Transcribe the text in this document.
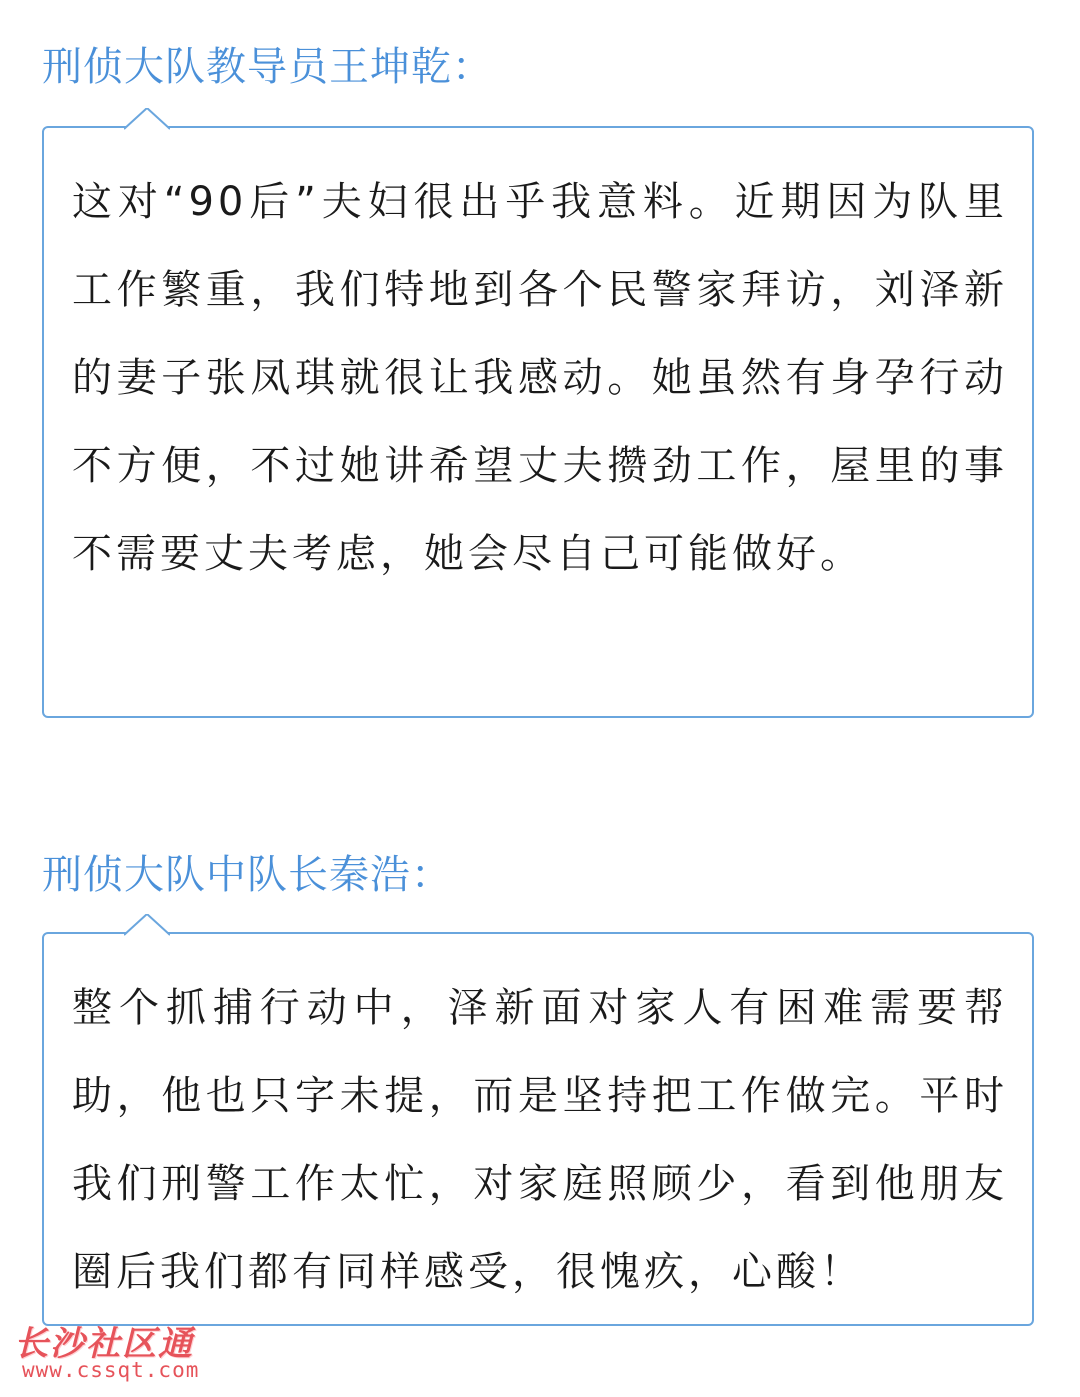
刑侦大队教导员王坤乾：

这对“90后”夫妇很出乎我意料。近期因为队里工作繁重，我们特地到各个民警家拜访，刘泽新的妻子张凤琪就很让我感动。她虽然有身孕行动不方便，不过她讲希望丈夫攒劲工作，屋里的事不需要丈夫考虑，她会尽自己可能做好。

刑侦大队中队长秦浩：

整个抓捕行动中，泽新面对家人有困难需要帮助，他也只字未提，而是坚持把工作做完。平时我们刑警工作太忙，对家庭照顾少，看到他朋友圈后我们都有同样感受，很愧疚，心酸！

长沙社区通
www.cssqt.com
